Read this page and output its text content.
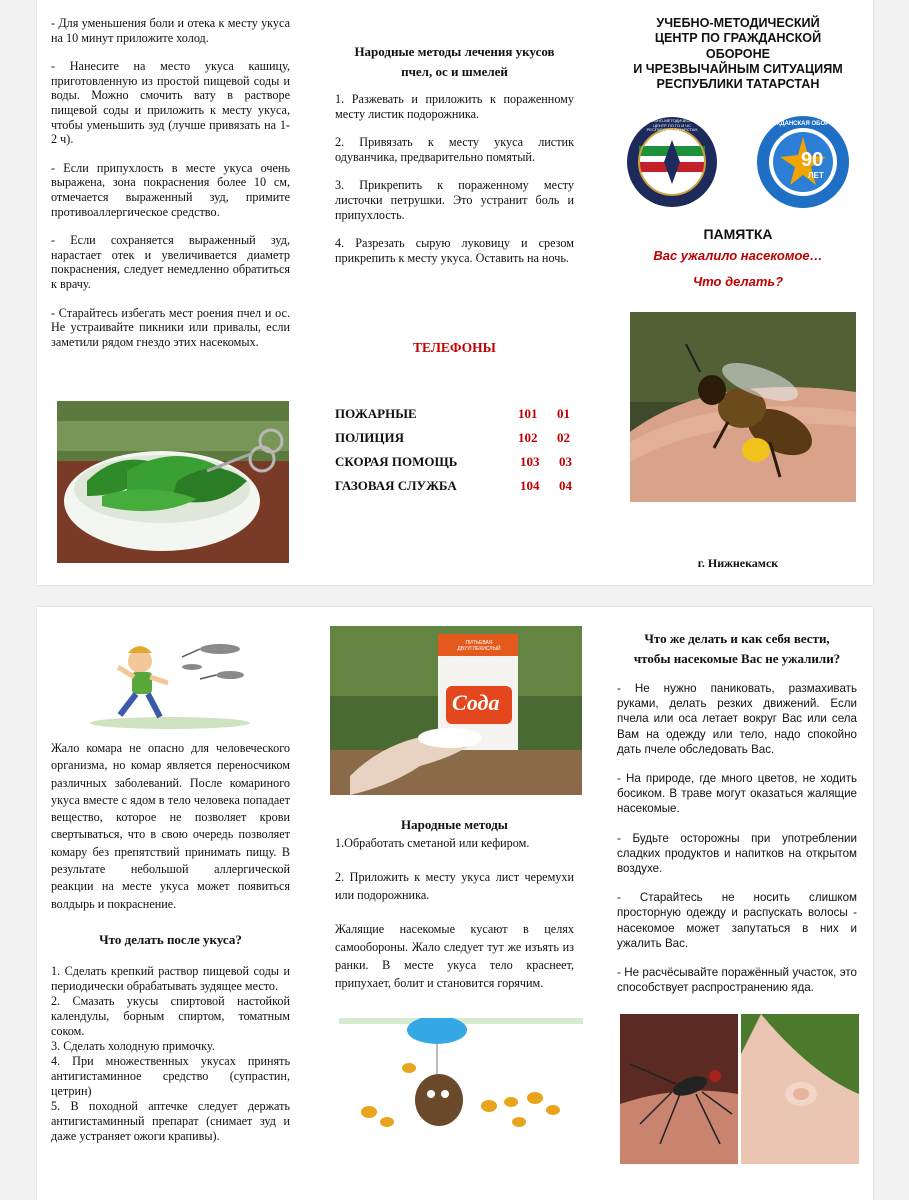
- Для уменьшения боли и отека к месту укуса на 10 минут приложите холод.

- Нанесите на место укуса кашицу, приготовленную из простой пищевой соды и воды. Можно смочить вату в растворе пищевой соды и приложить к месту укуса, чтобы уменьшить зуд (лучше привязать на 1-2 ч).

- Если припухлость в месте укуса очень выражена, зона покраснения более 10 см, отмечается выраженный зуд, примите противоаллергическое средство.

- Если сохраняется выраженный зуд, нарастает отек и увеличивается диаметр покраснения, следует немедленно обратиться к врачу.

- Старайтесь избегать мест роения пчел и ос. Не устраивайте пикники или привалы, если заметили рядом гнездо этих насекомых.

Народные методы лечения укусов
пчел, ос и шмелей

1. Разжевать и приложить к пораженному месту листик подорожника.

2. Привязать к месту укуса листик одуванчика, предварительно помятый.

3. Прикрепить к пораженному месту листочки петрушки. Это устранит боль и припухлость.

4. Разрезать сырую луковицу и срезом прикрепить к месту укуса. Оставить на ночь.

ТЕЛЕФОНЫ
ПОЖАРНЫЕ	101 01
ПОЛИЦИЯ	102 02
СКОРАЯ ПОМОЩЬ	103 03
ГАЗОВАЯ СЛУЖБА	104 04
УЧЕБНО-МЕТОДИЧЕСКИЙ
ЦЕНТР ПО ГРАЖДАНСКОЙ
ОБОРОНЕ
И ЧРЕЗВЫЧАЙНЫМ СИТУАЦИЯМ
РЕСПУБЛИКИ ТАТАРСТАН
УЧЕБНО-МЕТОДИЧЕСКИЙ ЦЕНТР ПО ГО И ЧС РЕСПУБЛИКА ТАТАРСТАН
ГРАЖДАНСКАЯ ОБОРОНА
90
ЛЕТ
ПАМЯТКА
Вас ужалило насекомое…
Что делать?
г. Нижнекамск

Жало комара не опасно для человеческого организма, но комар является переносчиком различных заболеваний. После комариного укуса вместе с ядом в тело человека попадает вещество, которое не позволяет крови свертываться, что в свою очередь позволяет комару без препятствий принимать пищу. В результате небольшой аллергической реакции на месте укуса может появиться волдырь и покраснение.

Что делать после укуса?
1. Сделать крепкий раствор пищевой соды и периодически обрабатывать зудящее место.
2. Смазать укусы спиртовой настойкой календулы, борным спиртом, томатным соком.
3. Сделать холодную примочку.
4. При множественных укусах принять антигистаминное средство (супрастин, цетрин)
5. В походной аптечке следует держать антигистаминный препарат (снимает зуд и даже устраняет ожоги крапивы).
ПИТЬЕВАЯ ДВУУГЛЕКИСЛЫЙ
Сода
Народные методы

1.Обработать сметаной или кефиром.

2. Приложить к месту укуса лист черемухи или подорожника.

Жалящие насекомые кусают в целях самообороны. Жало следует тут же изъять из ранки. В месте укуса тело краснеет, припухает, болит и становится горячим.

Что же делать и как себя вести,
чтобы насекомые Вас не ужалили?

- Не нужно паниковать, размахивать руками, делать резких движений. Если пчела или оса летает вокруг Вас или села Вам на одежду или тело, надо спокойно дать пчеле обследовать Вас.

- На природе, где много цветов, не ходить босиком. В траве могут оказаться жалящие насекомые.

- Будьте осторожны при употреблении сладких продуктов и напитков на открытом воздухе.

- Старайтесь не носить слишком просторную одежду и распускать волосы - насекомое может запутаться в них и ужалить Вас.

- Не расчёсывайте поражённый участок, это способствует распространению яда.
